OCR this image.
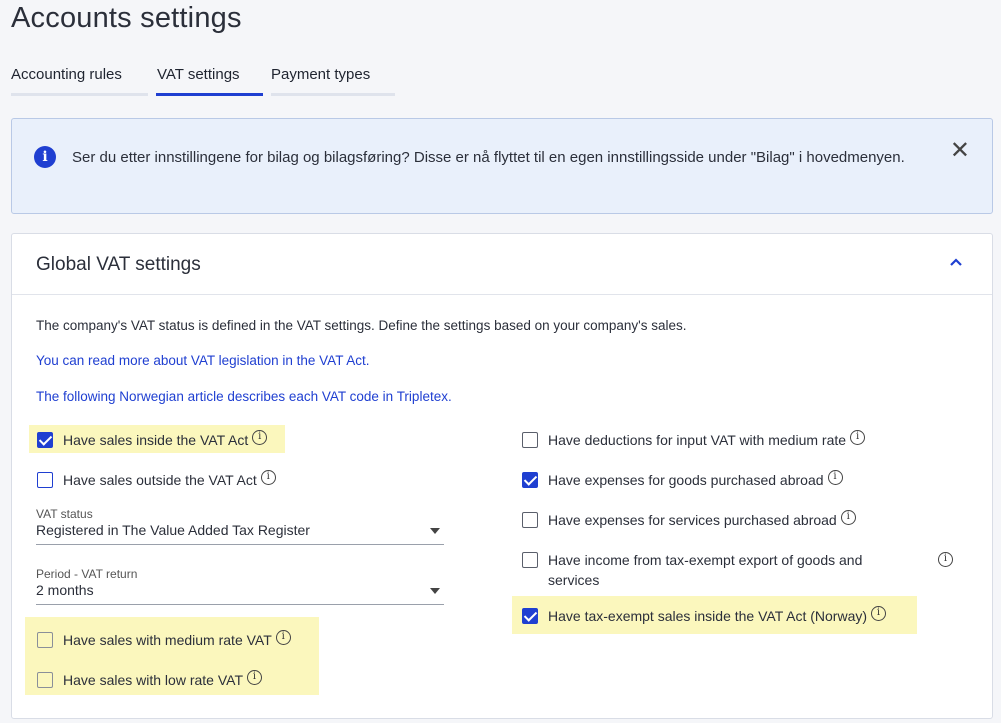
Accounts settings
Accounting rules	VAT settings	Payment types
i	Ser du etter innstillingene for bilag og bilagsføring? Disse er nå flyttet til en egen innstillingsside under "Bilag" i hovedmenyen.	✕
Global VAT settings
The company's VAT status is defined in the VAT settings. Define the settings based on your company's sales.
You can read more about VAT legislation in the VAT Act.
The following Norwegian article describes each VAT code in Tripletex.
Have sales inside the VAT Act i
Have sales outside the VAT Act i
VAT status
Registered in The Value Added Tax Register
Period - VAT return
2 months
Have sales with medium rate VAT i
Have sales with low rate VAT i
Have deductions for input VAT with medium rate i
Have expenses for goods purchased abroad i
Have expenses for services purchased abroad i
Have income from tax-exempt export of goods and services
i
Have tax-exempt sales inside the VAT Act (Norway) i
